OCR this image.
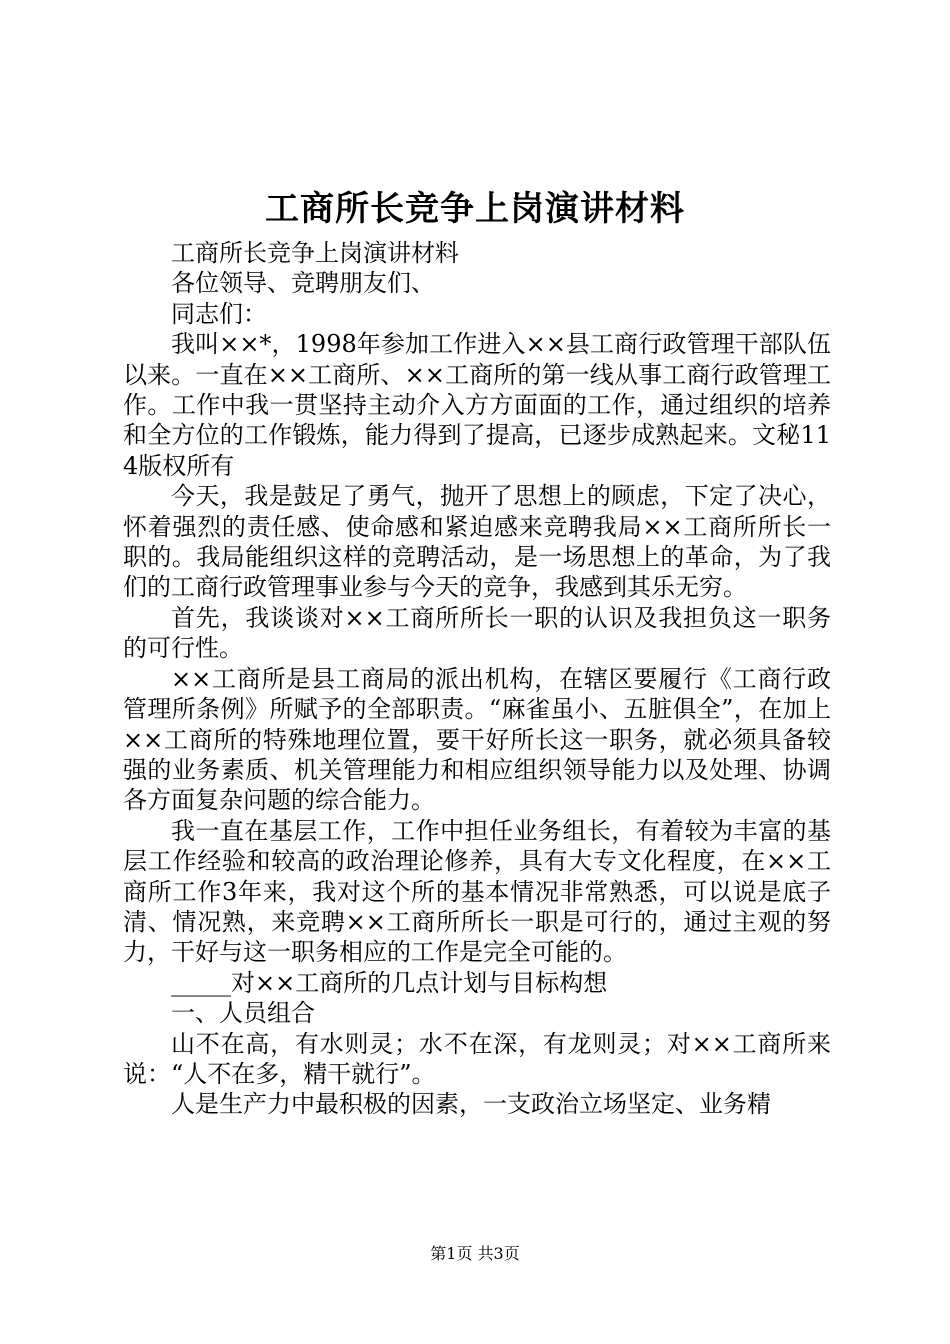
工商所长竞争上岗演讲材料

工商所长竞争上岗演讲材料

各位领导、竞聘朋友们、

同志们：

我叫××*，1998年参加工作进入××县工商行政管理干部队伍以来。一直在××工商所、××工商所的第一线从事工商行政管理工作。工作中我一贯坚持主动介入方方面面的工作，通过组织的培养和全方位的工作锻炼，能力得到了提高，已逐步成熟起来。文秘114版权所有

今天，我是鼓足了勇气，抛开了思想上的顾虑，下定了决心，怀着强烈的责任感、使命感和紧迫感来竞聘我局××工商所所长一职的。我局能组织这样的竞聘活动，是一场思想上的革命，为了我们的工商行政管理事业参与今天的竞争，我感到其乐无穷。

首先，我谈谈对××工商所所长一职的认识及我担负这一职务的可行性。

××工商所是县工商局的派出机构，在辖区要履行《工商行政管理所条例》所赋予的全部职责。“麻雀虽小、五脏俱全”，在加上××工商所的特殊地理位置，要干好所长这一职务，就必须具备较强的业务素质、机关管理能力和相应组织领导能力以及处理、协调各方面复杂问题的综合能力。

我一直在基层工作，工作中担任业务组长，有着较为丰富的基层工作经验和较高的政治理论修养，具有大专文化程度，在××工商所工作3年来，我对这个所的基本情况非常熟悉，可以说是底子清、情况熟，来竞聘××工商所所长一职是可行的，通过主观的努力，干好与这一职务相应的工作是完全可能的。

_____对××工商所的几点计划与目标构想

一、人员组合

山不在高，有水则灵；水不在深，有龙则灵；对××工商所来说：“人不在多，精干就行”。

人是生产力中最积极的因素，一支政治立场坚定、业务精

第1页 共3页
